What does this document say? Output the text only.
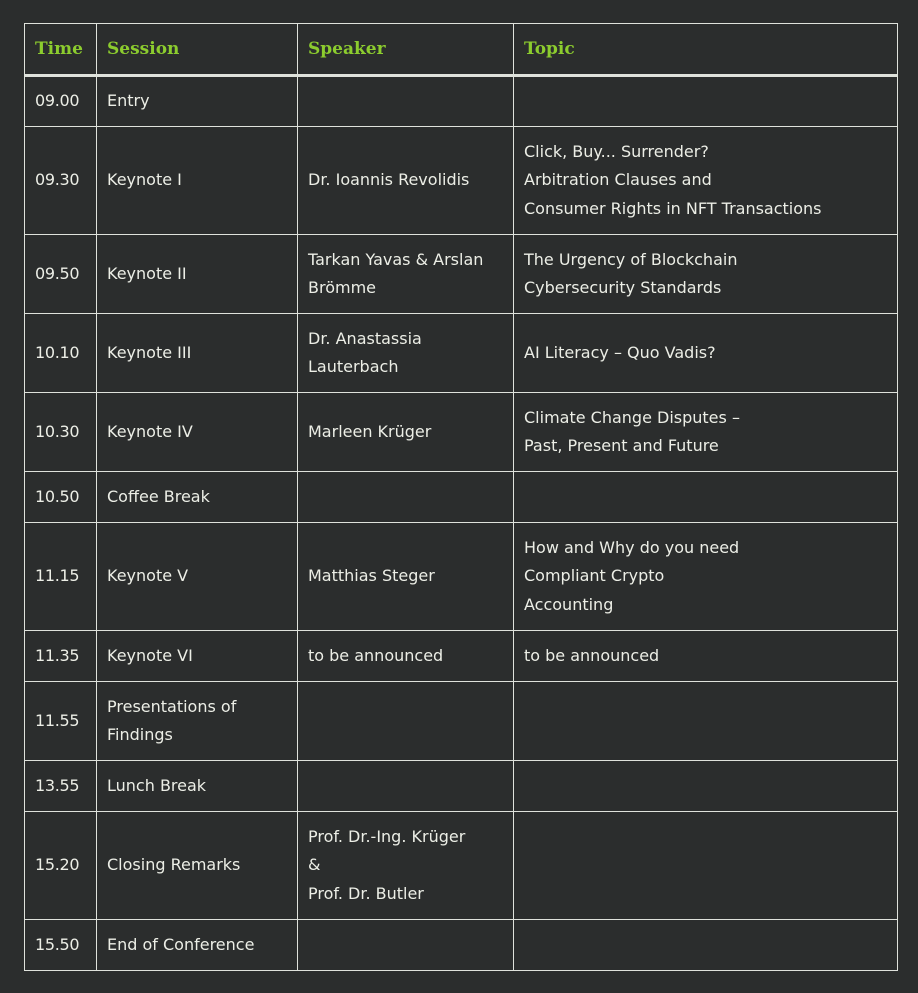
Time	Session	Speaker	Topic
09.00	Entry		

09.30	Keynote I	Dr. Ioannis Revolidis	Click, Buy... Surrender?
Arbitration Clauses and
Consumer Rights in NFT Transactions

09.50	Keynote II	Tarkan Yavas & Arslan
Brömme	The Urgency of Blockchain
Cybersecurity Standards

10.10	Keynote III	Dr. Anastassia
Lauterbach	AI Literacy – Quo Vadis?

10.30	Keynote IV	Marleen Krüger	Climate Change Disputes –
Past, Present and Future

10.50	Coffee Break		

11.15	Keynote V	Matthias Steger	How and Why do you need
Compliant Crypto
Accounting

11.35	Keynote VI	to be announced	to be announced

11.55	Presentations of
Findings		

13.55	Lunch Break		

15.20	Closing Remarks	Prof. Dr.-Ing. Krüger
&
Prof. Dr. Butler	

15.50	End of Conference		
